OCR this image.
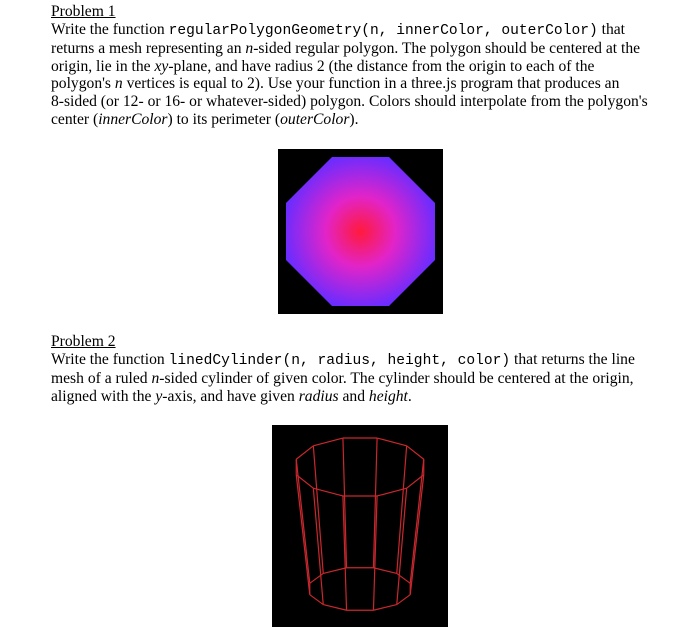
Problem 1
Write the function regularPolygonGeometry(n, innerColor, outerColor) that
returns a mesh representing an n-sided regular polygon. The polygon should be centered at the
origin, lie in the xy-plane, and have radius 2 (the distance from the origin to each of the
polygon's n vertices is equal to 2). Use your function in a three.js program that produces an
8-sided (or 12- or 16- or whatever-sided) polygon. Colors should interpolate from the polygon's
center (innerColor) to its perimeter (outerColor).
Problem 2
Write the function linedCylinder(n, radius, height, color) that returns the line
mesh of a ruled n-sided cylinder of given color. The cylinder should be centered at the origin,
aligned with the y-axis, and have given radius and height.
